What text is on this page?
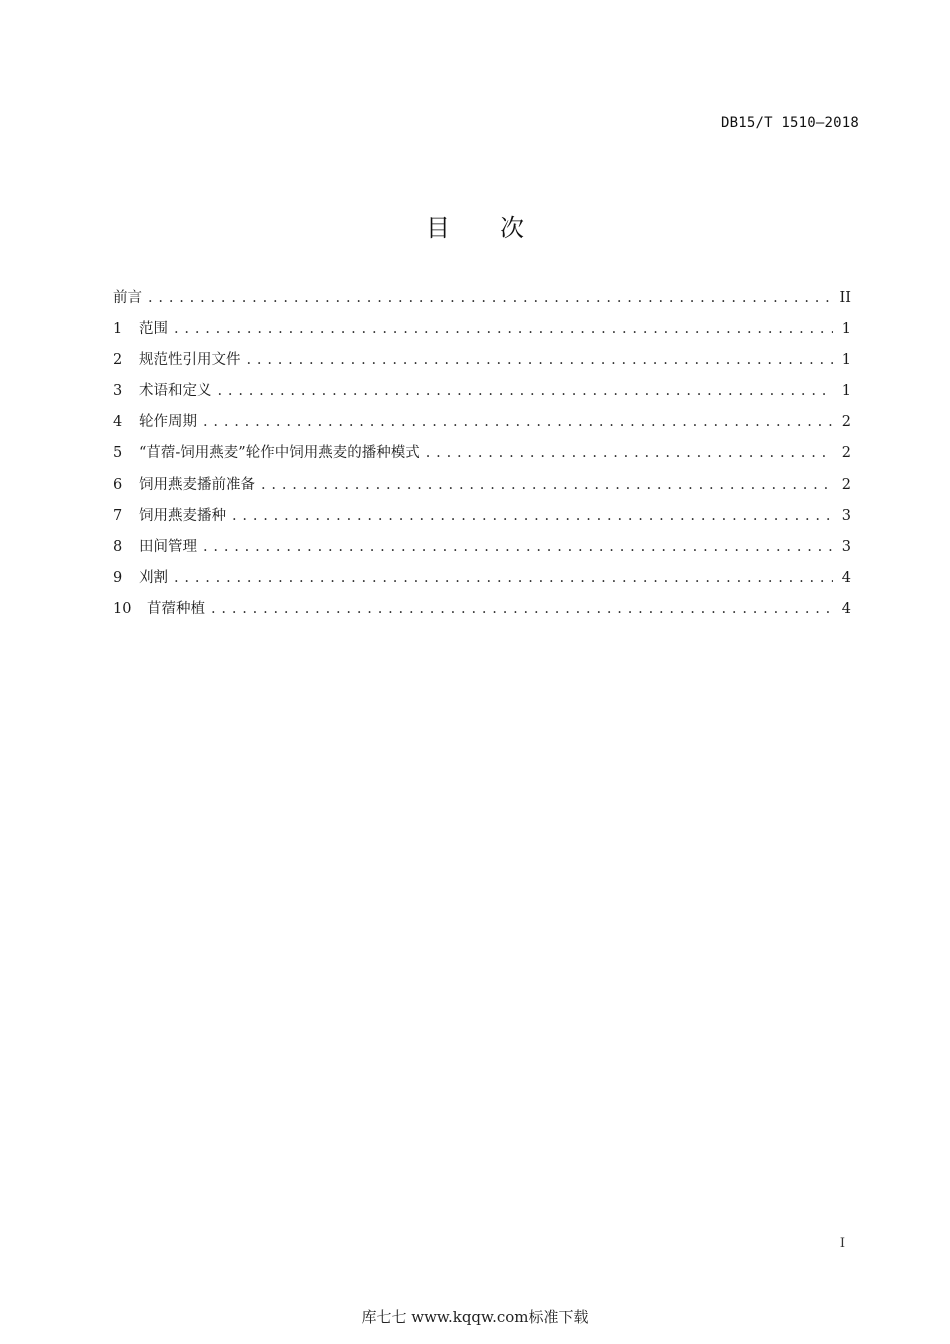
DB15/T 1510—2018
目次
前言 . . .	II
1	范围 . . .	1
2	规范性引用文件 . . .	1
3	术语和定义 . . .	1
4	轮作周期 . . .	2
5	“苜蓿-饲用燕麦”轮作中饲用燕麦的播种模式 . . .	2
6	饲用燕麦播前准备 . . .	2
7	饲用燕麦播种 . . .	3
8	田间管理 . . .	3
9	刈割 . . .	4
10	苜蓿种植 . . .	4
I
库七七 www.kqqw.com标准下载
